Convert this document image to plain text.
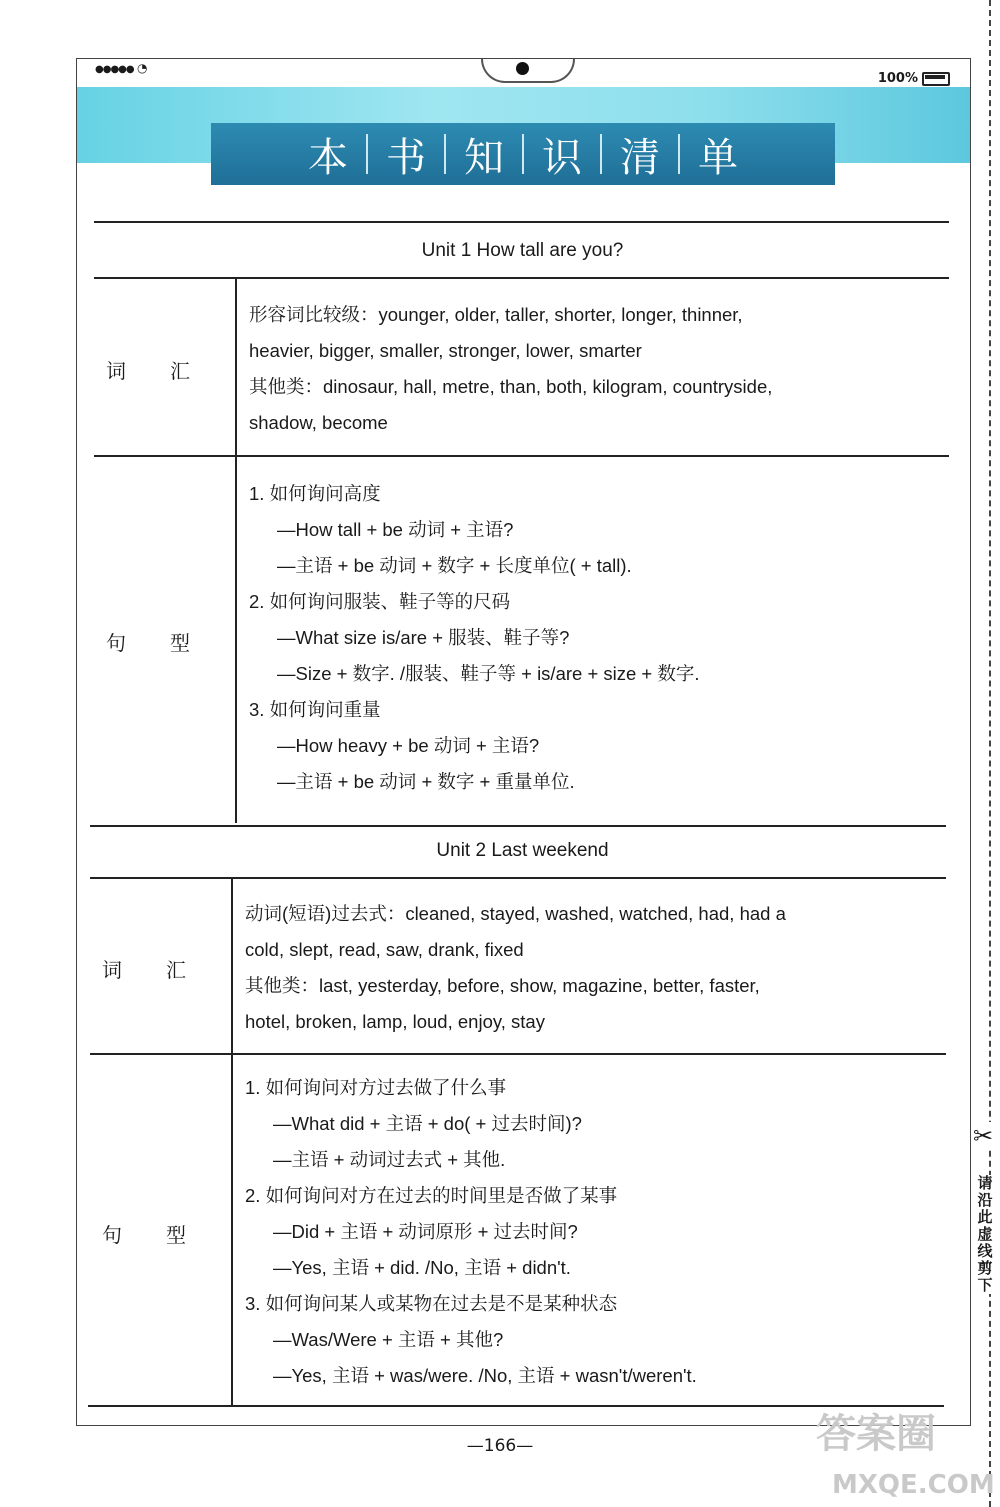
●●●●● ◔
100%
本 书 知 识 清 单
Unit 1 How tall are you?
词汇

形容词比较级：younger, older, taller, shorter, longer, thinner,

heavier, bigger, smaller, stronger, lower, smarter

其他类：dinosaur, hall, metre, than, both, kilogram, countryside,

shadow, become

句型

1. 如何询问高度

—How tall + be 动词 + 主语?

—主语 + be 动词 + 数字 + 长度单位( + tall).

2. 如何询问服装、鞋子等的尺码

—What size is/are + 服装、鞋子等?

—Size + 数字. /服装、鞋子等 + is/are + size + 数字.

3. 如何询问重量

—How heavy + be 动词 + 主语?

—主语 + be 动词 + 数字 + 重量单位.

Unit 2 Last weekend
词汇

动词(短语)过去式：cleaned, stayed, washed, watched, had, had a

cold, slept, read, saw, drank, fixed

其他类：last, yesterday, before, show, magazine, better, faster,

hotel, broken, lamp, loud, enjoy, stay

句型

1. 如何询问对方过去做了什么事

—What did + 主语 + do( + 过去时间)?

—主语 + 动词过去式 + 其他.

2. 如何询问对方在过去的时间里是否做了某事

—Did + 主语 + 动词原形 + 过去时间?

—Yes, 主语 + did. /No, 主语 + didn't.

3. 如何询问某人或某物在过去是不是某种状态

—Was/Were + 主语 + 其他?

—Yes, 主语 + was/were. /No, 主语 + wasn't/weren't.

—166—
✂
请沿此虚线剪下
答案圈
MXQE.COM
